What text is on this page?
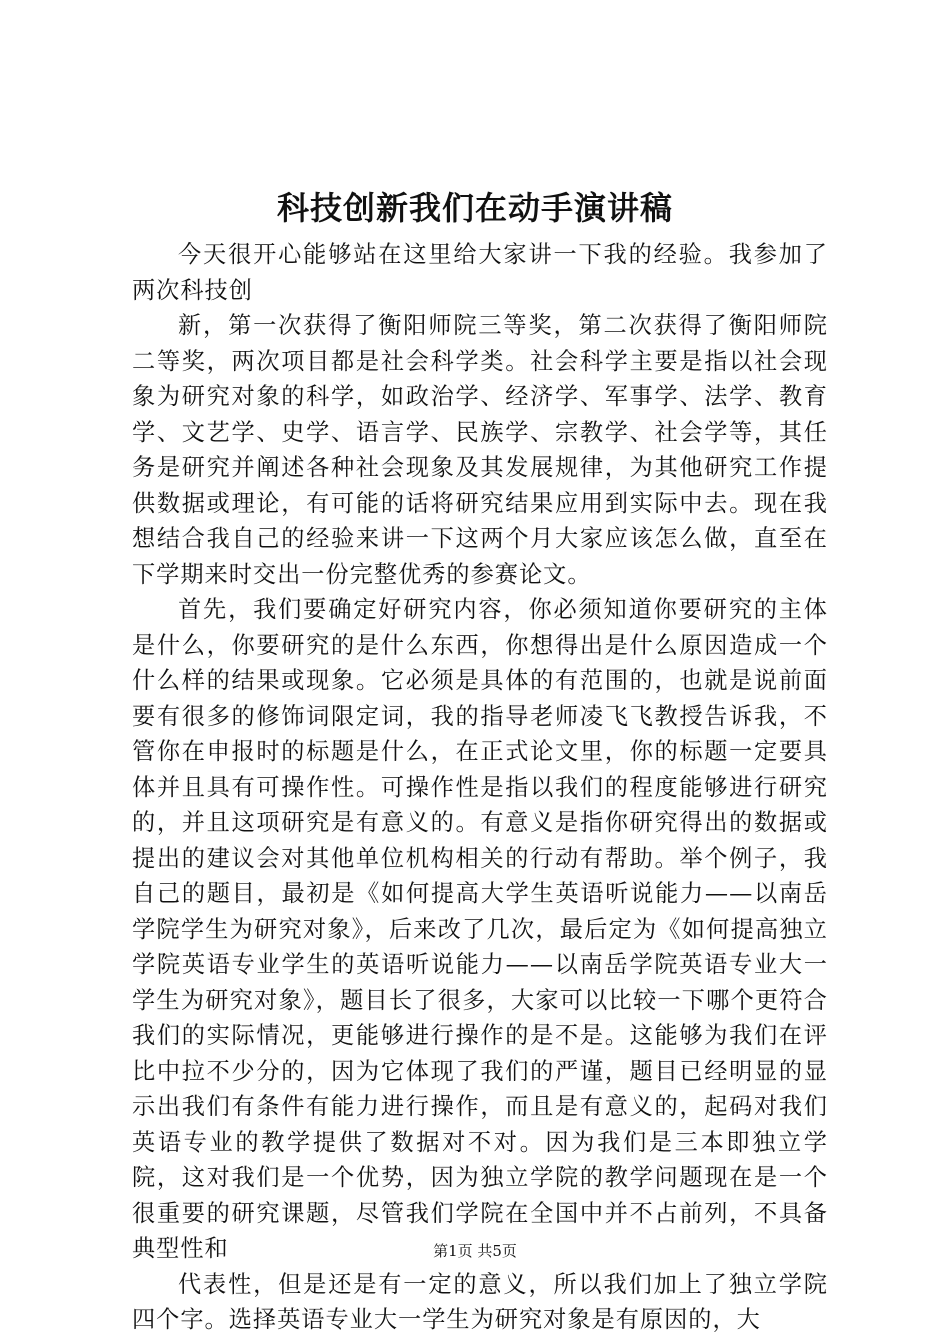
科技创新我们在动手演讲稿

今天很开心能够站在这里给大家讲一下我的经验。我参加了两次科技创

新，第一次获得了衡阳师院三等奖，第二次获得了衡阳师院二等奖，两次项目都是社会科学类。社会科学主要是指以社会现象为研究对象的科学，如政治学、经济学、军事学、法学、教育学、文艺学、史学、语言学、民族学、宗教学、社会学等，其任务是研究并阐述各种社会现象及其发展规律，为其他研究工作提供数据或理论，有可能的话将研究结果应用到实际中去。现在我想结合我自己的经验来讲一下这两个月大家应该怎么做，直至在下学期来时交出一份完整优秀的参赛论文。

首先，我们要确定好研究内容，你必须知道你要研究的主体是什么，你要研究的是什么东西，你想得出是什么原因造成一个什么样的结果或现象。它必须是具体的有范围的，也就是说前面要有很多的修饰词限定词，我的指导老师凌飞飞教授告诉我，不管你在申报时的标题是什么，在正式论文里，你的标题一定要具体并且具有可操作性。可操作性是指以我们的程度能够进行研究的，并且这项研究是有意义的。有意义是指你研究得出的数据或提出的建议会对其他单位机构相关的行动有帮助。举个例子，我自己的题目，最初是《如何提高大学生英语听说能力——以南岳学院学生为研究对象》，后来改了几次，最后定为《如何提高独立学院英语专业学生的英语听说能力——以南岳学院英语专业大一学生为研究对象》，题目长了很多，大家可以比较一下哪个更符合我们的实际情况，更能够进行操作的是不是。这能够为我们在评比中拉不少分的，因为它体现了我们的严谨，题目已经明显的显示出我们有条件有能力进行操作，而且是有意义的，起码对我们英语专业的教学提供了数据对不对。因为我们是三本即独立学院，这对我们是一个优势，因为独立学院的教学问题现在是一个很重要的研究课题，尽管我们学院在全国中并不占前列，不具备典型性和

代表性，但是还是有一定的意义，所以我们加上了独立学院四个字。选择英语专业大一学生为研究对象是有原因的，大

第1页 共5页
